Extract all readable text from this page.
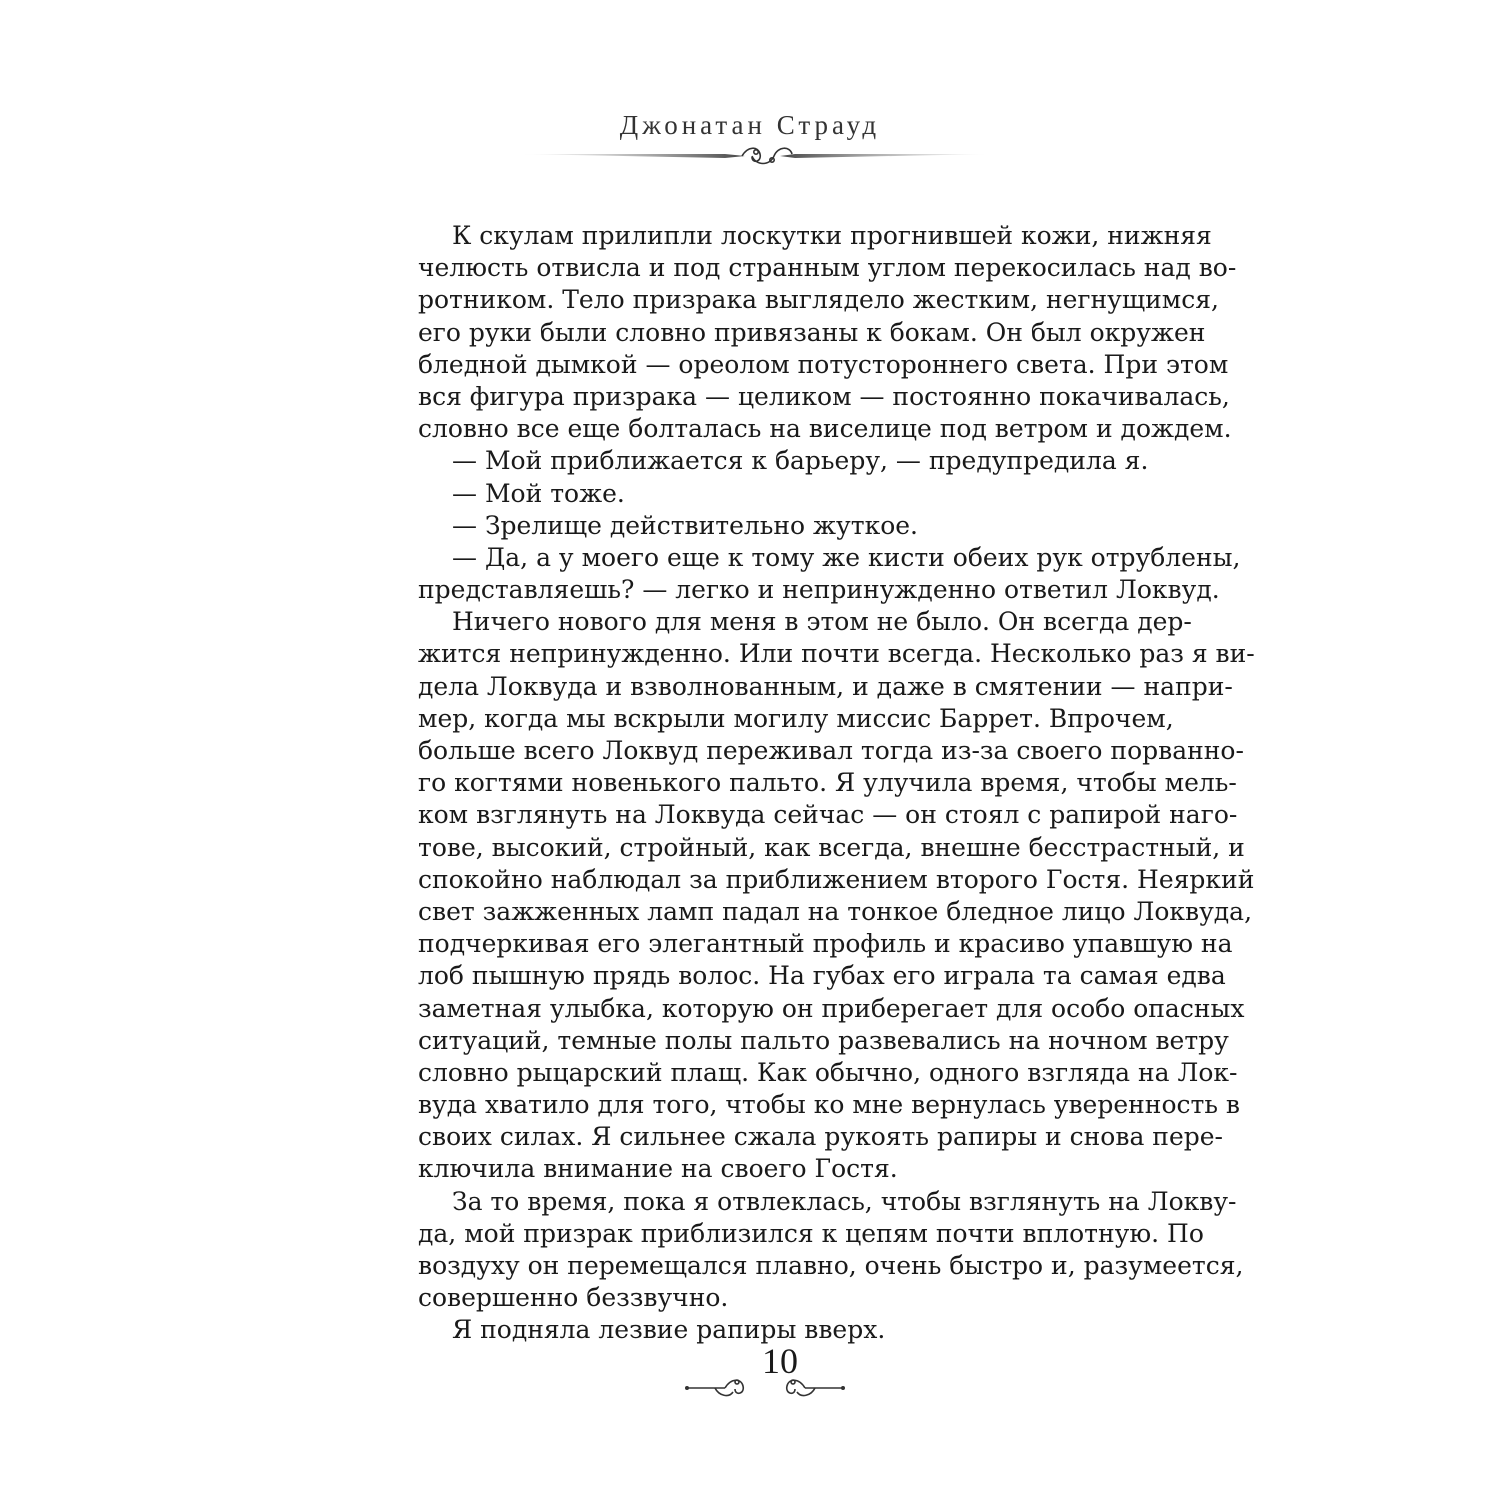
Джонатан Страуд
К скулам прилипли лоскутки прогнившей кожи, нижняя
челюсть отвисла и под странным углом перекосилась над во-
ротником. Тело призрака выглядело жестким, негнущимся,
его руки были словно привязаны к бокам. Он был окружен
бледной дымкой — ореолом потустороннего света. При этом
вся фигура призрака — целиком — постоянно покачивалась,
словно все еще болталась на виселице под ветром и дождем.
— Мой приближается к барьеру, — предупредила я.
— Мой тоже.
— Зрелище действительно жуткое.
— Да, а у моего еще к тому же кисти обеих рук отрублены,
представляешь? — легко и непринужденно ответил Локвуд.
Ничего нового для меня в этом не было. Он всегда дер-
жится непринужденно. Или почти всегда. Несколько раз я ви-
дела Локвуда и взволнованным, и даже в смятении — напри-
мер, когда мы вскрыли могилу миссис Баррет. Впрочем,
больше всего Локвуд переживал тогда из-за своего порванно-
го когтями новенького пальто. Я улучила время, чтобы мель-
ком взглянуть на Локвуда сейчас — он стоял с рапирой наго-
тове, высокий, стройный, как всегда, внешне бесстрастный, и
спокойно наблюдал за приближением второго Гостя. Неяркий
свет зажженных ламп падал на тонкое бледное лицо Локвуда,
подчеркивая его элегантный профиль и красиво упавшую на
лоб пышную прядь волос. На губах его играла та самая едва
заметная улыбка, которую он приберегает для особо опасных
ситуаций, темные полы пальто развевались на ночном ветру
словно рыцарский плащ. Как обычно, одного взгляда на Лок-
вуда хватило для того, чтобы ко мне вернулась уверенность в
своих силах. Я сильнее сжала рукоять рапиры и снова пере-
ключила внимание на своего Гостя.
За то время, пока я отвлеклась, чтобы взглянуть на Локву-
да, мой призрак приблизился к цепям почти вплотную. По
воздуху он перемещался плавно, очень быстро и, разумеется,
совершенно беззвучно.
Я подняла лезвие рапиры вверх.
10
